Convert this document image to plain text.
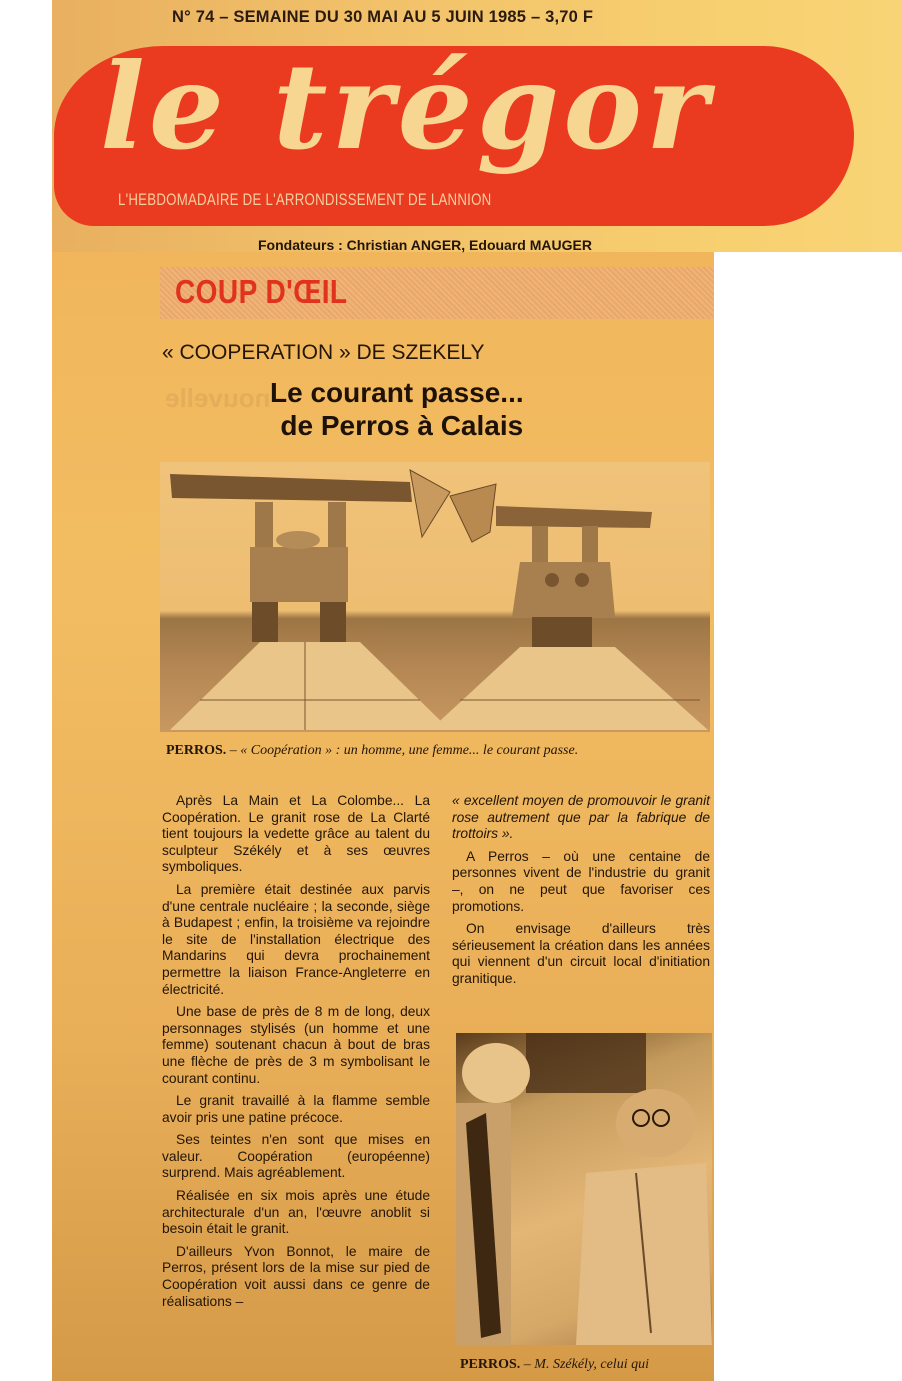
N° 74 – SEMAINE DU 30 MAI AU 5 JUIN 1985 – 3,70 F
le trégor
L'HEBDOMADAIRE DE L'ARRONDISSEMENT DE LANNION
Fondateurs : Christian ANGER, Edouard MAUGER
COUP D'ŒIL
nouvelle
« COOPERATION » DE SZEKELY
Le courant passe...
de Perros à Calais
PERROS. – « Coopération » : un homme, une femme... le courant passe.

Après La Main et La Colombe... La Coopération. Le granit rose de La Clarté tient toujours la vedette grâce au talent du sculpteur Székély et à ses œuvres symboliques.

La première était destinée aux parvis d'une centrale nucléaire ; la seconde, siège à Budapest ; enfin, la troisième va rejoindre le site de l'installation électrique des Mandarins qui devra prochainement permettre la liaison France-Angleterre en électricité.

Une base de près de 8 m de long, deux personnages stylisés (un homme et une femme) soutenant chacun à bout de bras une flèche de près de 3 m symbolisant le courant continu.

Le granit travaillé à la flamme semble avoir pris une patine précoce.

Ses teintes n'en sont que mises en valeur. Coopération (européenne) surprend. Mais agréablement.

Réalisée en six mois après une étude architecturale d'un an, l'œuvre anoblit si besoin était le granit.

D'ailleurs Yvon Bonnot, le maire de Perros, présent lors de la mise sur pied de Coopération voit aussi dans ce genre de réalisations –

« excellent moyen de promouvoir le granit rose autrement que par la fabrique de trottoirs ».

A Perros – où une centaine de personnes vivent de l'industrie du granit –, on ne peut que favoriser ces promotions.

On envisage d'ailleurs très sérieusement la création dans les années qui viennent d'un circuit local d'initiation granitique.

PERROS. – M. Székély, celui qui
